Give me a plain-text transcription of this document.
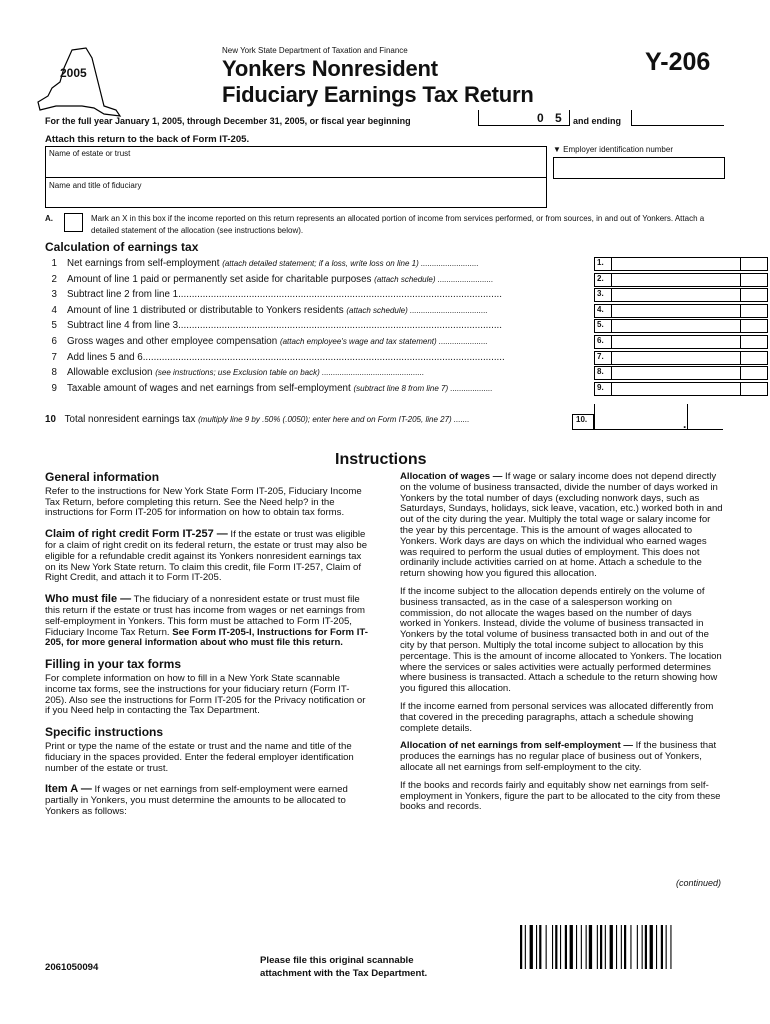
2005
New York State Department of Taxation and Finance
Yonkers Nonresident
Fiduciary Earnings Tax Return
Y-206
For the full year January 1, 2005, through December 31, 2005, or fiscal year beginning	0 5 and ending
Attach this return to the back of Form IT-205.
Name of estate or trust
Name and title of fiduciary
▼ Employer identification number
A.	Mark an X in this box if the income reported on this return represents an allocated portion of income from services performed, or from sources, in and out of Yonkers. Attach a detailed statement of the allocation (see instructions below).
Calculation of earnings tax
1 Net earnings from self-employment (attach detailed statement; if a loss, write loss on line 1) ..........................	1.
2 Amount of line 1 paid or permanently set aside for charitable purposes (attach schedule) .........................	2.
3 Subtract line 2 from line 1.......................................................................................................................	3.
4 Amount of line 1 distributed or distributable to Yonkers residents (attach schedule) ...................................	4.
5 Subtract line 4 from line 3.......................................................................................................................	5.
6 Gross wages and other employee compensation (attach employee's wage and tax statement) ......................	6.
7 Add lines 5 and 6.....................................................................................................................................	7.
8 Allowable exclusion (see instructions; use Exclusion table on back) ..............................................	8.
9 Taxable amount of wages and net earnings from self-employment (subtract line 8 from line 7) ...................	9.
10 Total nonresident earnings tax (multiply line 9 by .50% (.0050); enter here and on Form IT-205, line 27) .......	10.	.
Instructions
General information
Refer to the instructions for New York State Form IT-205, Fiduciary Income Tax Return, before completing this return. See the Need help? in the instructions for Form IT-205 for information on how to obtain tax forms.
Claim of right credit Form IT-257 — If the estate or trust was eligible for a claim of right credit on its federal return, the estate or trust may also be eligible for a refundable credit against its Yonkers nonresident earnings tax on its New York State return. To claim this credit, file Form IT-257, Claim of Right Credit, and attach it to Form IT-205.
Who must file — The fiduciary of a nonresident estate or trust must file this return if the estate or trust has income from wages or net earnings from self-employment in Yonkers. This form must be attached to Form IT-205, Fiduciary Income Tax Return. See Form IT-205-I, Instructions for Form IT-205, for more general information about who must file this return.
Filling in your tax forms
For complete information on how to fill in a New York State scannable income tax forms, see the instructions for your fiduciary return (Form IT-205). Also see the instructions for Form IT-205 for the Privacy notification or if you Need help in contacting the Tax Department.
Specific instructions
Print or type the name of the estate or trust and the name and title of the fiduciary in the spaces provided. Enter the federal employer identification number of the estate or trust.
Item A — If wages or net earnings from self-employment were earned partially in Yonkers, you must determine the amounts to be allocated to Yonkers as follows:
Allocation of wages — If wage or salary income does not depend directly on the volume of business transacted, divide the number of days worked in Yonkers by the total number of days (excluding nonwork days, such as Saturdays, Sundays, holidays, sick leave, vacation, etc.) worked both in and out of the city during the year. Multiply the total wage or salary income for the year by this percentage. This is the amount of wages allocated to Yonkers. Work days are days on which the individual who earned wages was required to perform the usual duties of employment. This does not ordinarily include activities carried on at home. Attach a schedule to the return showing how you figured this allocation.
If the income subject to the allocation depends entirely on the volume of business transacted, as in the case of a salesperson working on commission, do not allocate the wages based on the number of days worked in Yonkers. Instead, divide the volume of business transacted in Yonkers by the total volume of business transacted both in and out of the city by that person. Multiply the total income subject to allocation by this percentage. This is the amount of income allocated to Yonkers. The location where the services or sales activities were actually performed determines where business is transacted. Attach a schedule to the return showing how you figured this allocation.
If the income earned from personal services was allocated differently from that covered in the preceding paragraphs, attach a schedule showing complete details.
Allocation of net earnings from self-employment — If the business that produces the earnings has no regular place of business out of Yonkers, allocate all net earnings from self-employment to the city.
If the books and records fairly and equitably show net earnings from self-employment in Yonkers, figure the part to be allocated to the city from these books and records.
(continued)
2061050094
Please file this original scannable
attachment with the Tax Department.
